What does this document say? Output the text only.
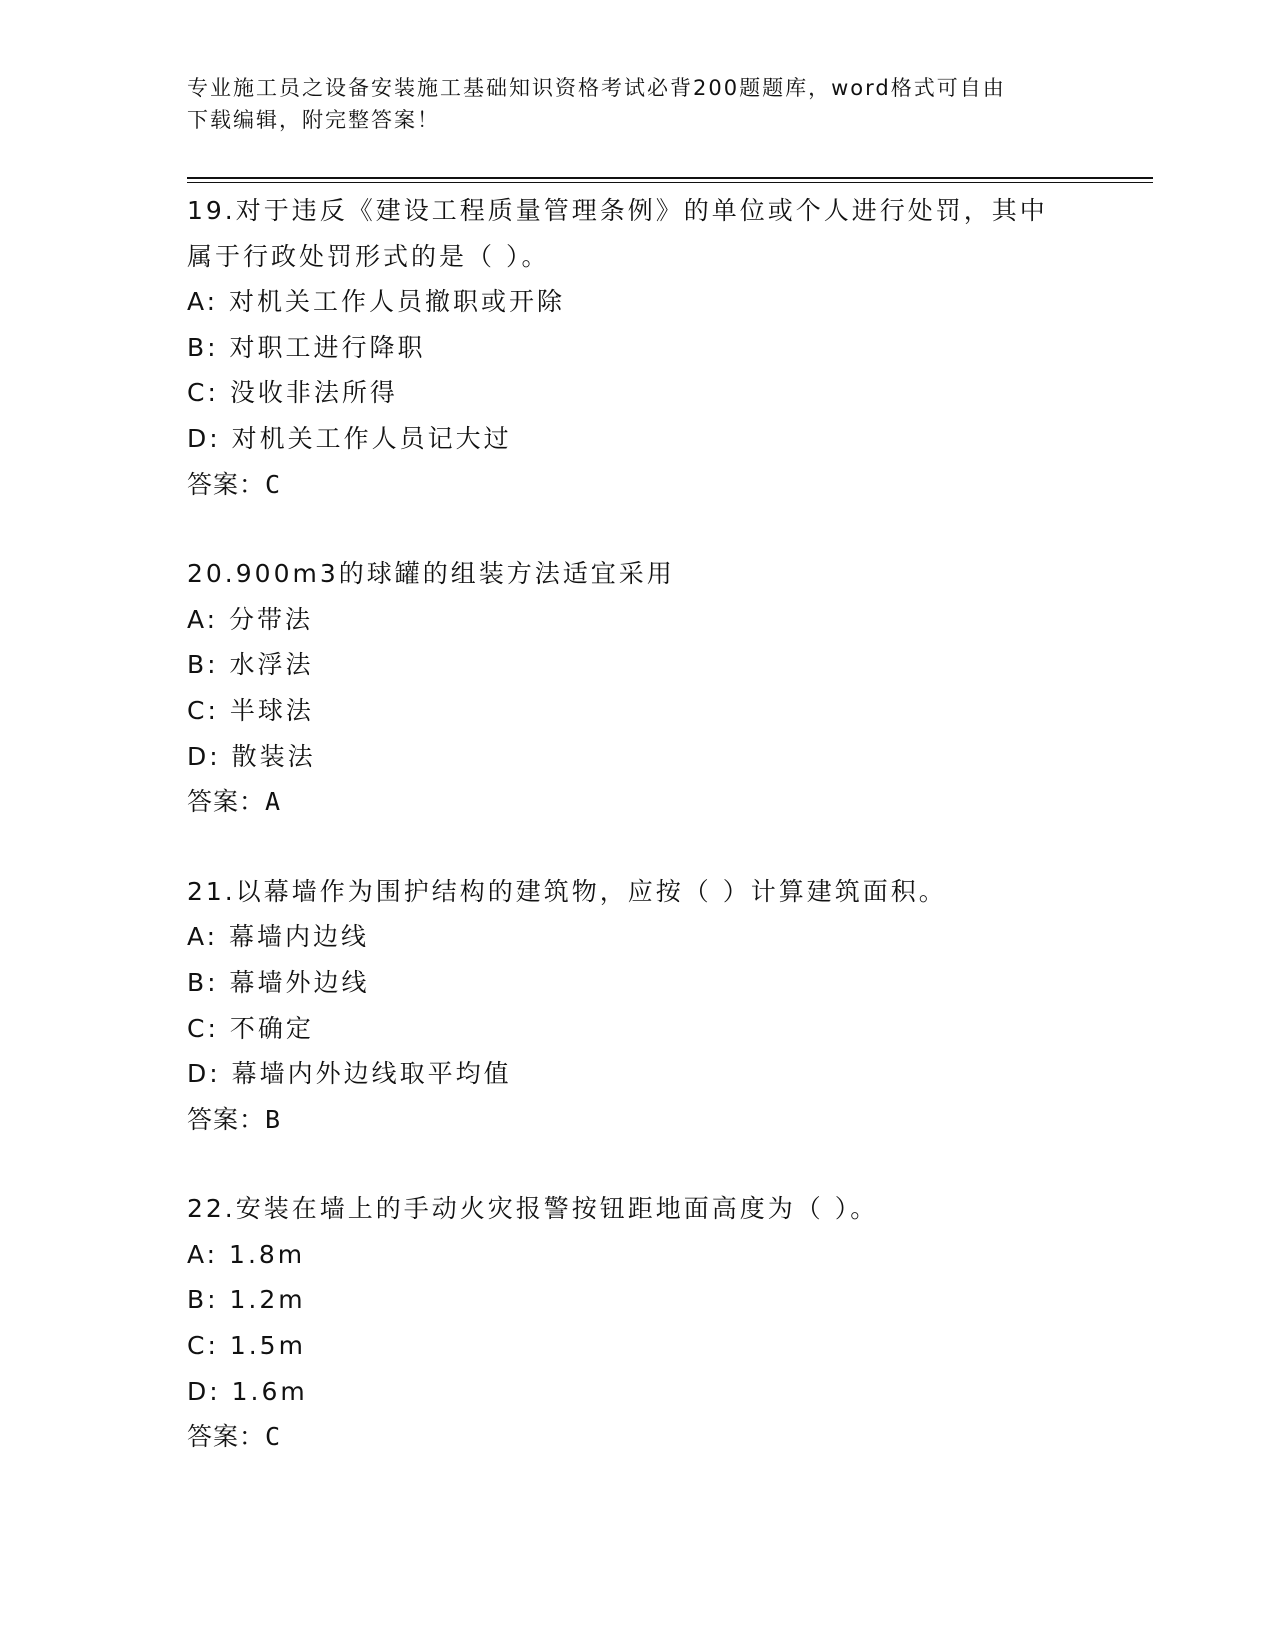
专业施工员之设备安装施工基础知识资格考试必背200题题库，word格式可自由
下载编辑，附完整答案！
19.对于违反《建设工程质量管理条例》的单位或个人进行处罚，其中
属于行政处罚形式的是（ ）。
A: 对机关工作人员撤职或开除
B: 对职工进行降职
C: 没收非法所得
D: 对机关工作人员记大过
答案：C
20.900m3的球罐的组装方法适宜采用
A: 分带法
B: 水浮法
C: 半球法
D: 散装法
答案：A
21.以幕墙作为围护结构的建筑物，应按（ ）计算建筑面积。
A: 幕墙内边线
B: 幕墙外边线
C: 不确定
D: 幕墙内外边线取平均值
答案：B
22.安装在墙上的手动火灾报警按钮距地面高度为（ ）。
A: 1.8m
B: 1.2m
C: 1.5m
D: 1.6m
答案：C
